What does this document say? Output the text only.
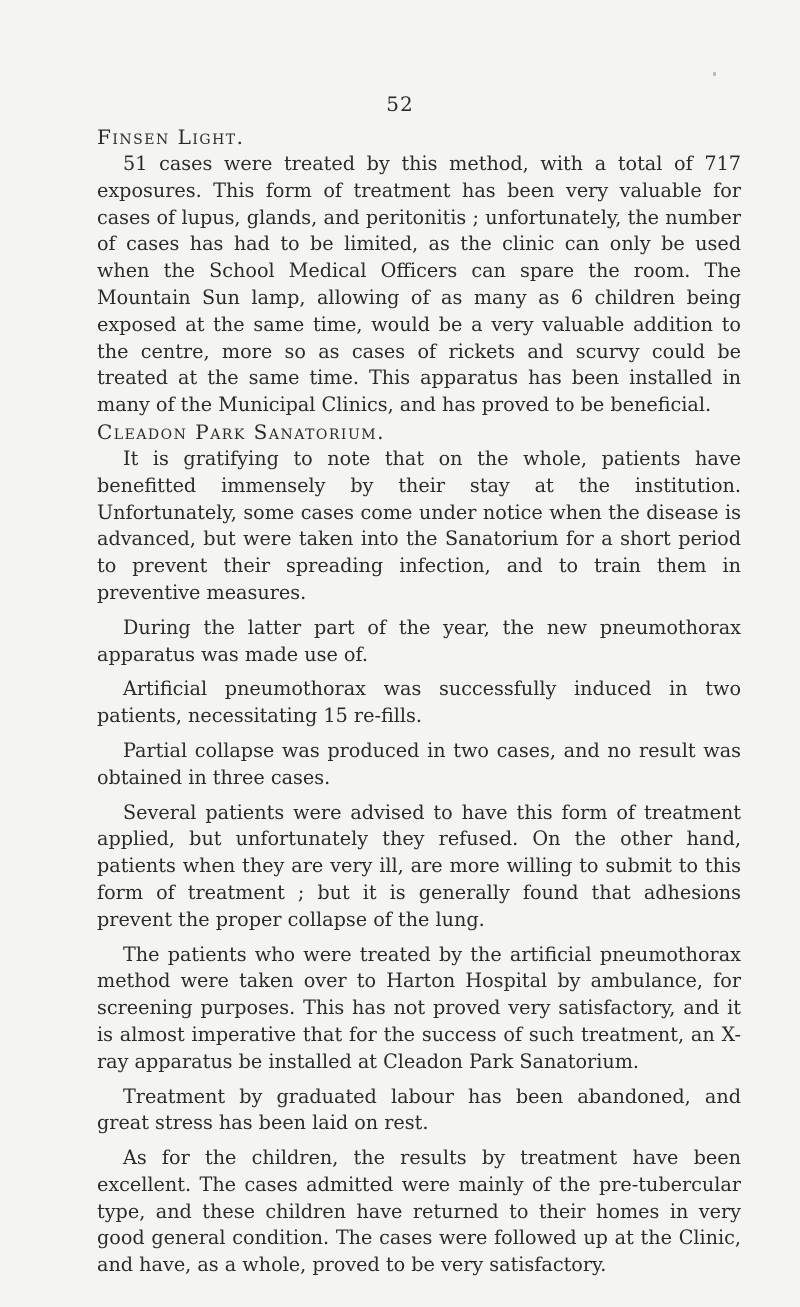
52
Finsen Light.

51 cases were treated by this method, with a total of 717 exposures. This form of treatment has been very valuable for cases of lupus, glands, and peritonitis ; unfortunately, the number of cases has had to be limited, as the clinic can only be used when the School Medical Officers can spare the room. The Mountain Sun lamp, allowing of as many as 6 children being exposed at the same time, would be a very valuable addition to the centre, more so as cases of rickets and scurvy could be treated at the same time. This apparatus has been installed in many of the Municipal Clinics, and has proved to be beneficial.

Cleadon Park Sanatorium.

It is gratifying to note that on the whole, patients have benefitted immensely by their stay at the institution. Unfortunately, some cases come under notice when the disease is advanced, but were taken into the Sanatorium for a short period to prevent their spreading infection, and to train them in preventive measures.

During the latter part of the year, the new pneumothorax apparatus was made use of.

Artificial pneumothorax was successfully induced in two patients, necessitating 15 re-fills.

Partial collapse was produced in two cases, and no result was obtained in three cases.

Several patients were advised to have this form of treatment applied, but unfortunately they refused. On the other hand, patients when they are very ill, are more willing to submit to this form of treatment ; but it is generally found that adhesions prevent the proper collapse of the lung.

The patients who were treated by the artificial pneumothorax method were taken over to Harton Hospital by ambulance, for screening purposes. This has not proved very satisfactory, and it is almost imperative that for the success of such treatment, an X-ray apparatus be installed at Cleadon Park Sanatorium.

Treatment by graduated labour has been abandoned, and great stress has been laid on rest.

As for the children, the results by treatment have been excellent. The cases admitted were mainly of the pre-tubercular type, and these children have returned to their homes in very good general condition. The cases were followed up at the Clinic, and have, as a whole, proved to be very satisfactory.
